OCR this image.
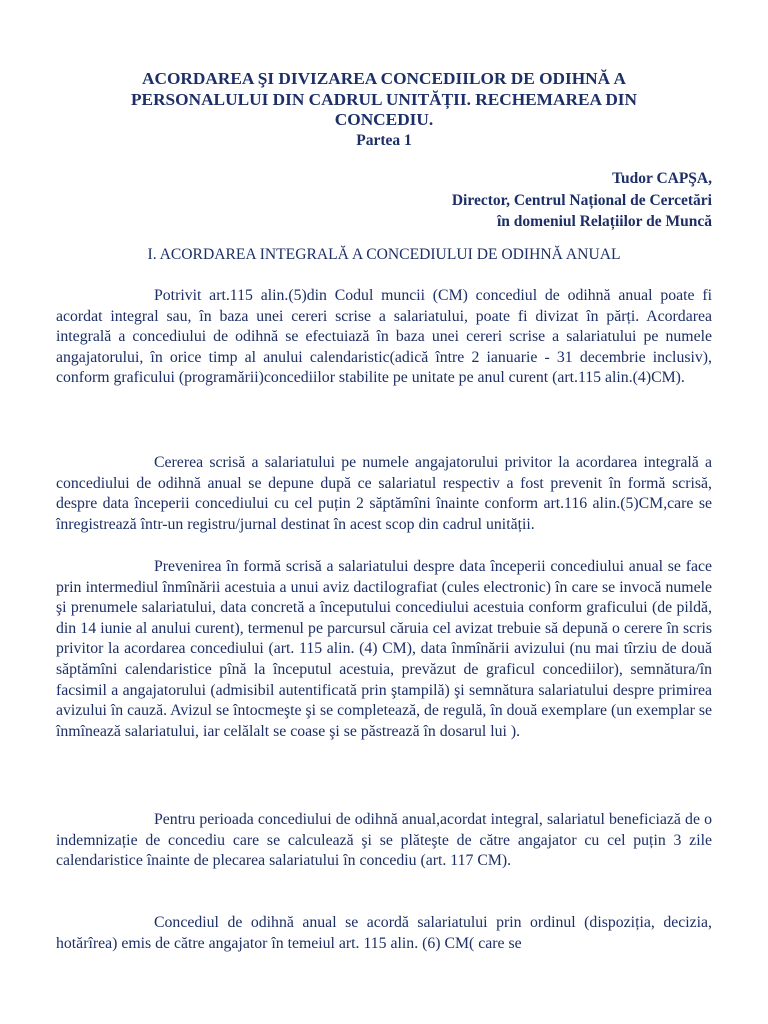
ACORDAREA ŞI DIVIZAREA CONCEDIILOR DE ODIHNĂ A PERSONALULUI DIN CADRUL UNITĂȚII. RECHEMAREA DIN CONCEDIU.

Partea 1

Tudor CAPŞA,
Director, Centrul Național de Cercetări
în domeniul Relațiilor de Muncă
I. ACORDAREA INTEGRALĂ A CONCEDIULUI DE ODIHNĂ ANUAL

Potrivit art.115 alin.(5)din Codul muncii (CM) concediul de odihnă anual poate fi acordat integral sau, în baza unei cereri scrise a salariatului, poate fi divizat în părți. Acordarea integrală a concediului de odihnă se efectuiază în baza unei cereri scrise a salariatului pe numele angajatorului, în orice timp al anului calendaristic(adică între 2 ianuarie - 31 decembrie inclusiv), conform graficului (programării)concediilor stabilite pe unitate pe anul curent (art.115 alin.(4)CM).

Cererea scrisă a salariatului pe numele angajatorului privitor la acordarea integrală a concediului de odihnă anual se depune după ce salariatul respectiv a fost prevenit în formă scrisă, despre data începerii concediului cu cel puțin 2 săptămîni înainte conform art.116 alin.(5)CM,care se înregistrează într-un registru/jurnal destinat în acest scop din cadrul unității.

Prevenirea în formă scrisă a salariatului despre data începerii concediului anual se face prin intermediul înmînării acestuia a unui aviz dactilografiat (cules electronic) în care se invocă numele şi prenumele salariatului, data concretă a începutului concediului acestuia conform graficului (de pildă, din 14 iunie al anului curent), termenul pe parcursul căruia cel avizat trebuie să depună o cerere în scris privitor la acordarea concediului (art. 115 alin. (4) CM), data înmînării avizului (nu mai tîrziu de două săptămîni calendaristice pînă la începutul acestuia, prevăzut de graficul concediilor), semnătura/în facsimil a angajatorului (admisibil autentificată prin ştampilă) şi semnătura salariatului despre primirea avizului în cauză. Avizul se întocmeşte şi se completează, de regulă, în două exemplare (un exemplar se înmînează salariatului, iar celălalt se coase şi se păstrează în dosarul lui ).

Pentru perioada concediului de odihnă anual,acordat integral, salariatul beneficiază de o indemnizație de concediu care se calculează şi se plăteşte de către angajator cu cel puțin 3 zile calendaristice înainte de plecarea salariatului în concediu (art. 117 CM).

Concediul de odihnă anual se acordă salariatului prin ordinul (dispoziția, decizia, hotărîrea) emis de către angajator în temeiul art. 115 alin. (6) CM( care se
